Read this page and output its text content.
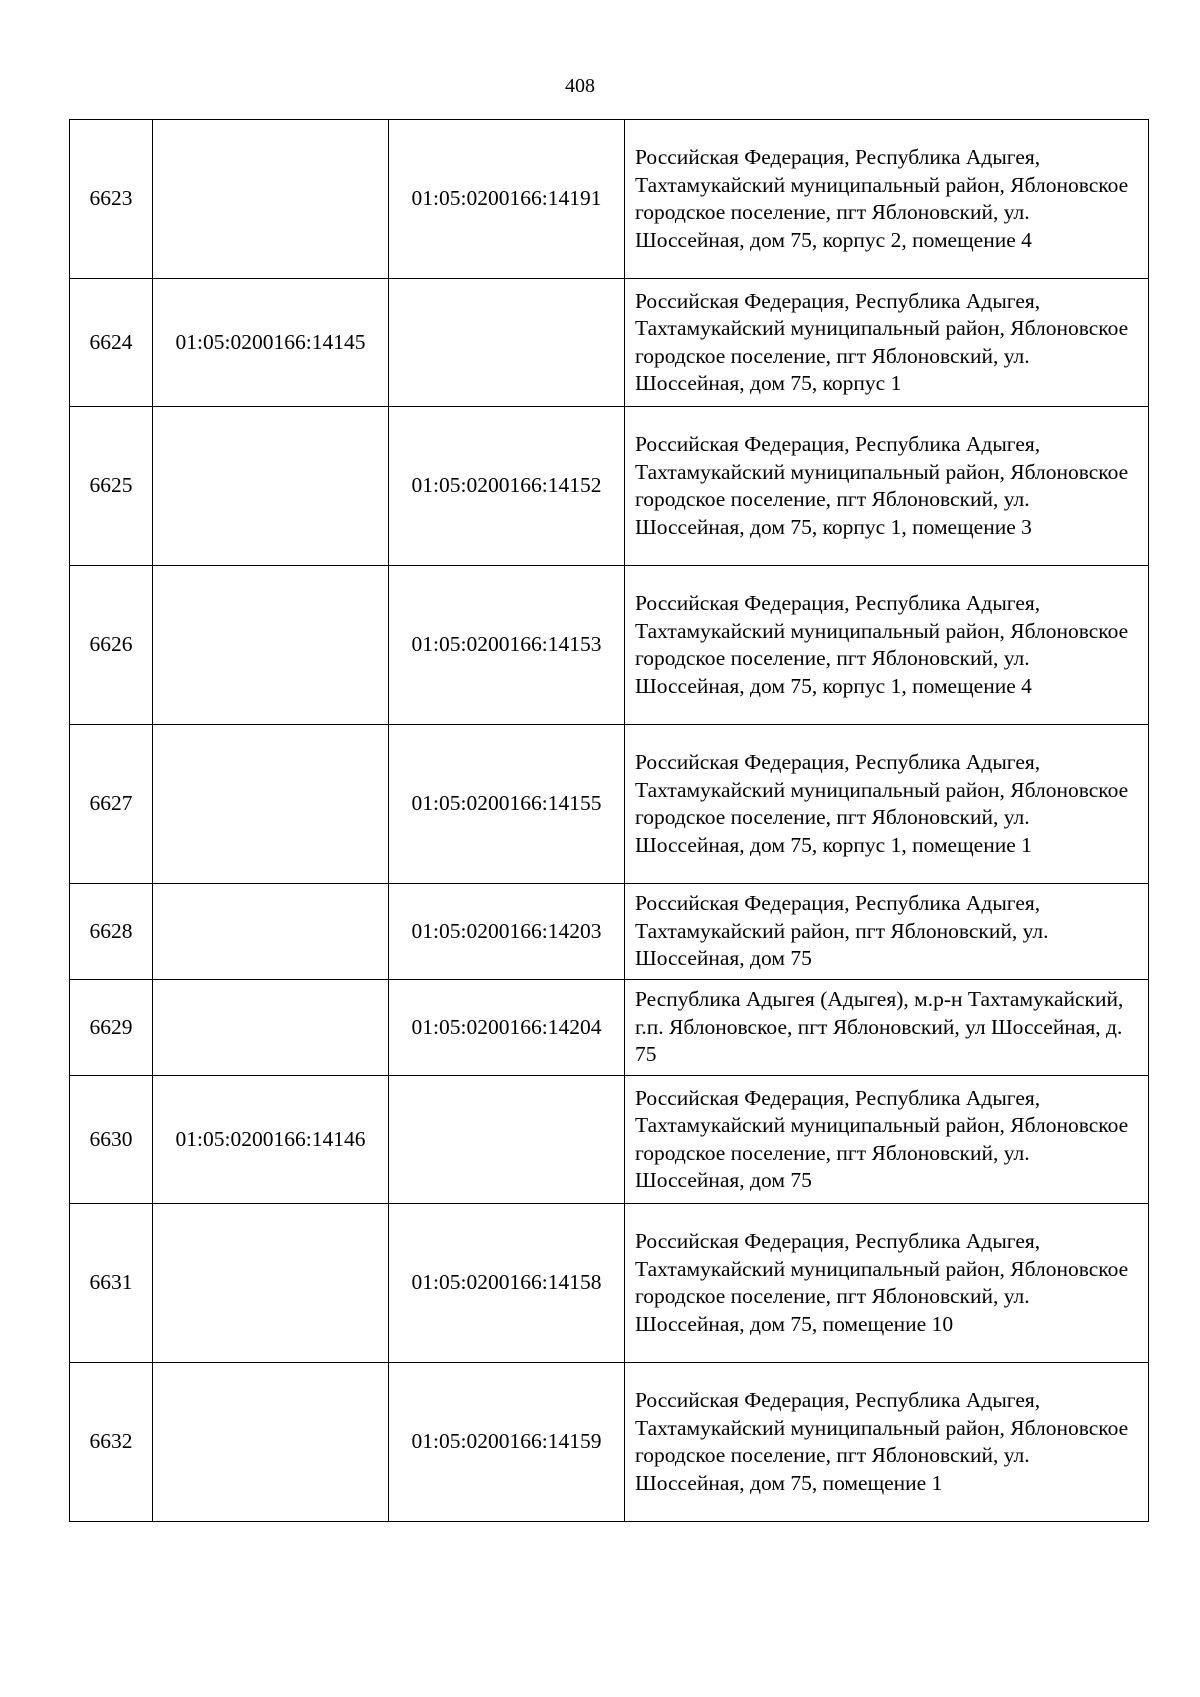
408
6623		01:05:0200166:14191	Российская Федерация, Республика Адыгея, Тахтамукайский муниципальный район, Яблоновское городское поселение, пгт Яблоновский, ул. Шоссейная, дом 75, корпус 2, помещение 4
6624	01:05:0200166:14145		Российская Федерация, Республика Адыгея, Тахтамукайский муниципальный район, Яблоновское городское поселение, пгт Яблоновский, ул. Шоссейная, дом 75, корпус 1
6625		01:05:0200166:14152	Российская Федерация, Республика Адыгея, Тахтамукайский муниципальный район, Яблоновское городское поселение, пгт Яблоновский, ул. Шоссейная, дом 75, корпус 1, помещение 3
6626		01:05:0200166:14153	Российская Федерация, Республика Адыгея, Тахтамукайский муниципальный район, Яблоновское городское поселение, пгт Яблоновский, ул. Шоссейная, дом 75, корпус 1, помещение 4
6627		01:05:0200166:14155	Российская Федерация, Республика Адыгея, Тахтамукайский муниципальный район, Яблоновское городское поселение, пгт Яблоновский, ул. Шоссейная, дом 75, корпус 1, помещение 1
6628		01:05:0200166:14203	Российская Федерация, Республика Адыгея, Тахтамукайский район, пгт Яблоновский, ул. Шоссейная, дом 75
6629		01:05:0200166:14204	Республика Адыгея (Адыгея), м.р-н Тахтамукайский, г.п. Яблоновское, пгт Яблоновский, ул Шоссейная, д. 75
6630	01:05:0200166:14146		Российская Федерация, Республика Адыгея, Тахтамукайский муниципальный район, Яблоновское городское поселение, пгт Яблоновский, ул. Шоссейная, дом 75
6631		01:05:0200166:14158	Российская Федерация, Республика Адыгея, Тахтамукайский муниципальный район, Яблоновское городское поселение, пгт Яблоновский, ул. Шоссейная, дом 75, помещение 10
6632		01:05:0200166:14159	Российская Федерация, Республика Адыгея, Тахтамукайский муниципальный район, Яблоновское городское поселение, пгт Яблоновский, ул. Шоссейная, дом 75, помещение 1
